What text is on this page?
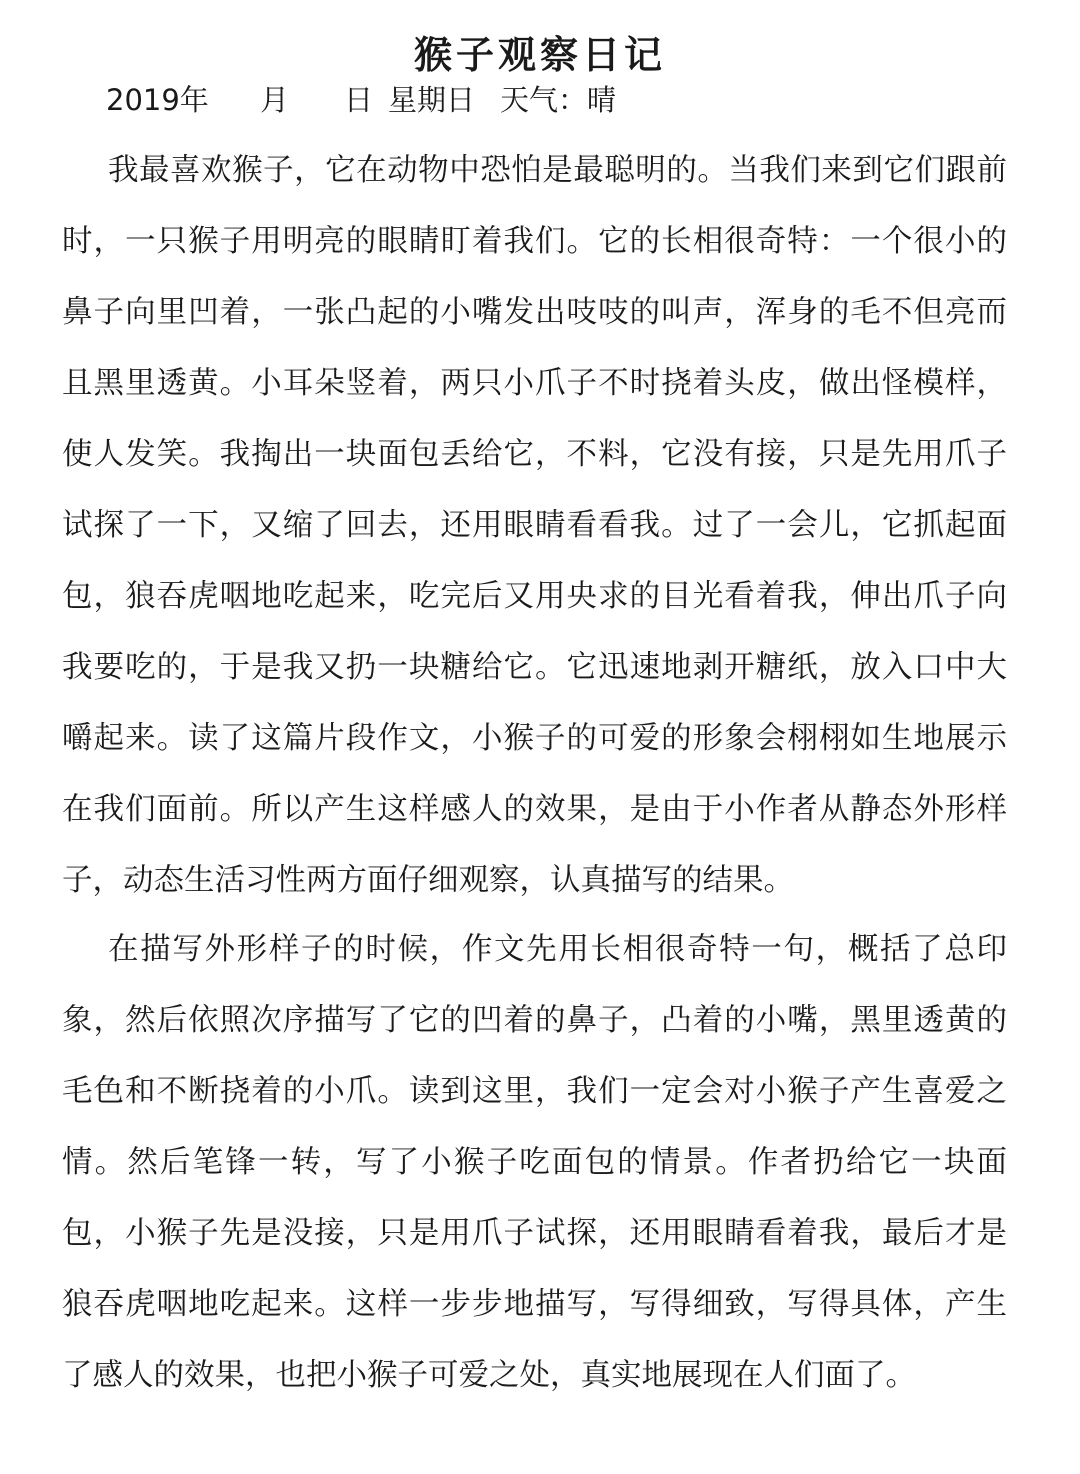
猴子观察日记
2019年 月 日 星期日 天气：晴

我最喜欢猴子，它在动物中恐怕是最聪明的。当我们来到它们跟前时，一只猴子用明亮的眼睛盯着我们。它的长相很奇特：一个很小的鼻子向里凹着，一张凸起的小嘴发出吱吱的叫声，浑身的毛不但亮而且黑里透黄。小耳朵竖着，两只小爪子不时挠着头皮，做出怪模样，使人发笑。我掏出一块面包丢给它，不料，它没有接，只是先用爪子试探了一下，又缩了回去，还用眼睛看看我。过了一会儿，它抓起面包，狼吞虎咽地吃起来，吃完后又用央求的目光看着我，伸出爪子向我要吃的，于是我又扔一块糖给它。它迅速地剥开糖纸，放入口中大嚼起来。读了这篇片段作文，小猴子的可爱的形象会栩栩如生地展示在我们面前。所以产生这样感人的效果，是由于小作者从静态外形样子，动态生活习性两方面仔细观察，认真描写的结果。

在描写外形样子的时候，作文先用长相很奇特一句，概括了总印象，然后依照次序描写了它的凹着的鼻子，凸着的小嘴，黑里透黄的毛色和不断挠着的小爪。读到这里，我们一定会对小猴子产生喜爱之情。然后笔锋一转，写了小猴子吃面包的情景。作者扔给它一块面包，小猴子先是没接，只是用爪子试探，还用眼睛看着我，最后才是狼吞虎咽地吃起来。这样一步步地描写，写得细致，写得具体，产生了感人的效果，也把小猴子可爱之处，真实地展现在人们面了。
